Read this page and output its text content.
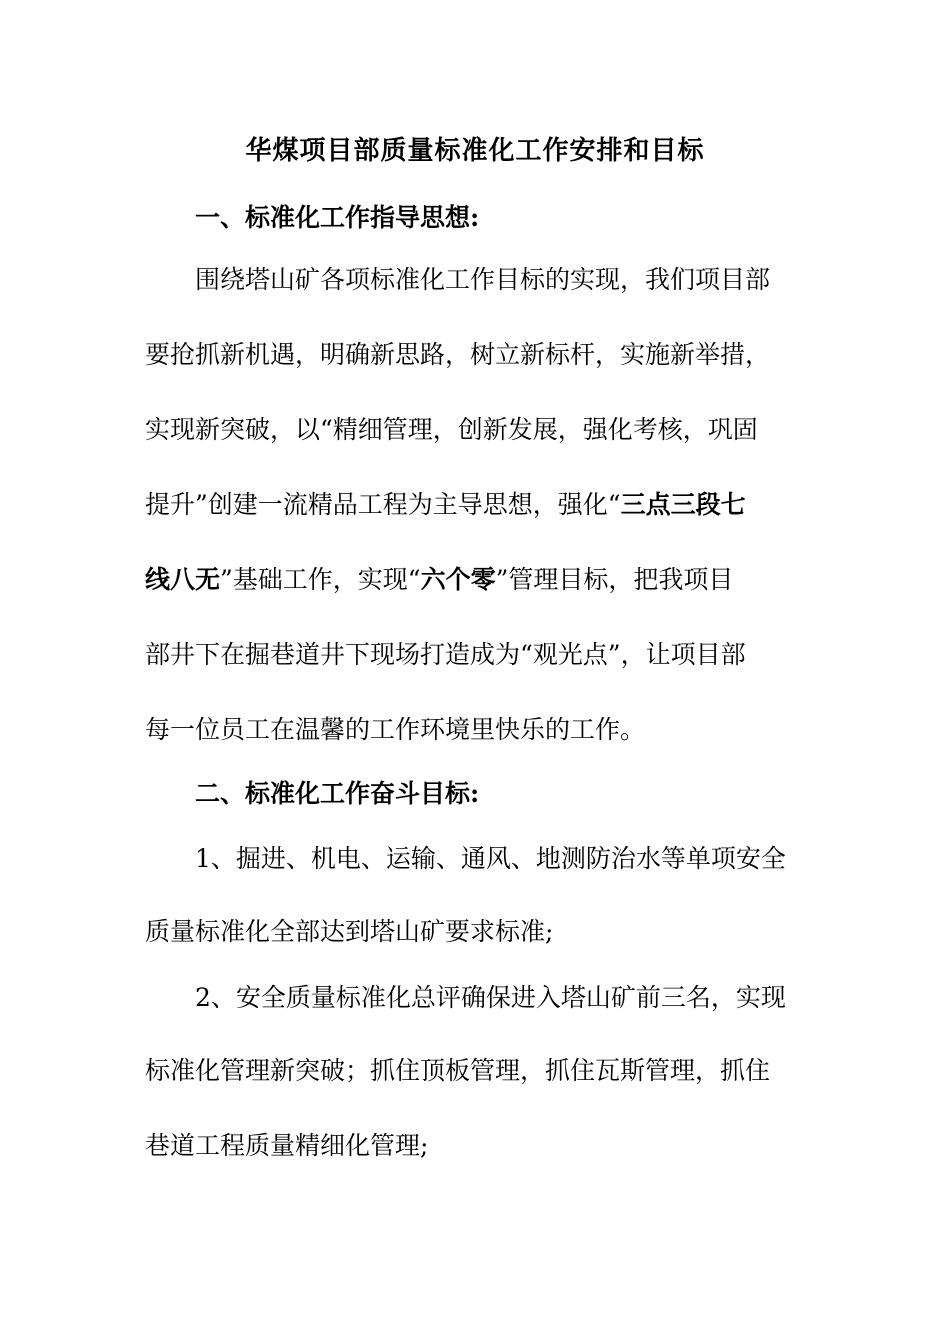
华煤项目部质量标准化工作安排和目标
一、标准化工作指导思想:
围绕塔山矿各项标准化工作目标的实现，我们项目部
要抢抓新机遇，明确新思路，树立新标杆，实施新举措，
实现新突破，以“精细管理，创新发展，强化考核，巩固
提升”创建一流精品工程为主导思想，强化“三点三段七
线八无”基础工作，实现“六个零”管理目标，把我项目
部井下在掘巷道井下现场打造成为“观光点”，让项目部
每一位员工在温馨的工作环境里快乐的工作。
二、标准化工作奋斗目标:
1、掘进、机电、运输、通风、地测防治水等单项安全
质量标准化全部达到塔山矿要求标准;
2、安全质量标准化总评确保进入塔山矿前三名，实现
标准化管理新突破；抓住顶板管理，抓住瓦斯管理，抓住
巷道工程质量精细化管理;
